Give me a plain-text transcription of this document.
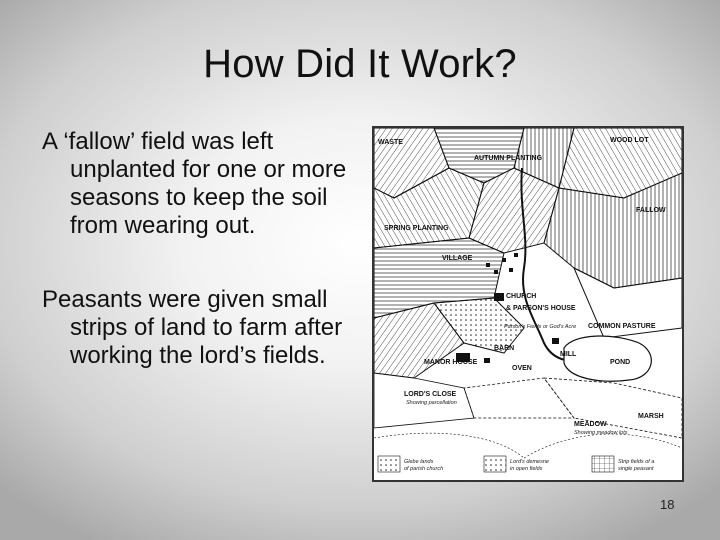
How Did It Work?
A ‘fallow’ field was left unplanted for one or more seasons to keep the soil from wearing out.
Peasants were given small strips of land to farm after working the lord’s fields.
WASTE	WOOD LOT
AUTUMN PLANTING
FALLOW
SPRING PLANTING
VILLAGE
CHURCH
& PARSON'S HOUSE
Parson's Fields or God's Acre COMMON PASTURE
BARN
MANOR HOUSE
MILL
OVEN
POND
LORD'S CLOSE
Showing parcellation
MARSH
MEADOW
Showing meadow lots
Glebe lands
of parish church
Lord's demesne
in open fields
Strip fields of a
single peasant
18
